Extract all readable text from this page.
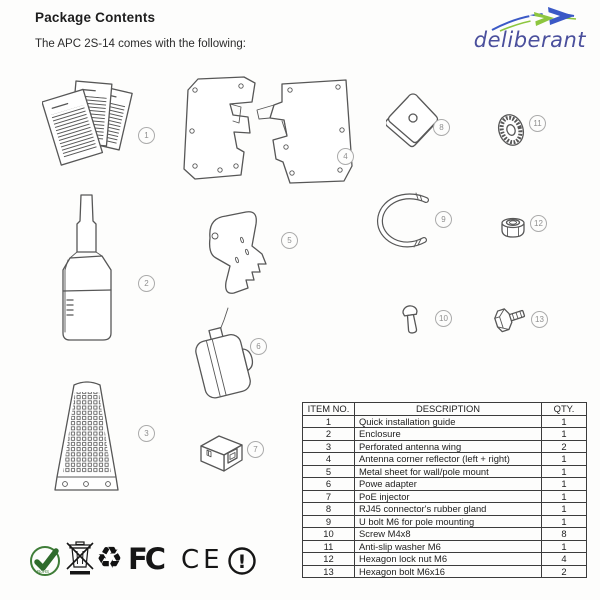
Package Contents
The APC 2S-14 comes with the following:	deliberant
1
2
3
4
5
6
7
8
9
10
11
12
13
ITEM NO.	DESCRIPTION	QTY.
1	Quick installation guide	1
2	Enclosure	1
3	Perforated antenna wing	2
4	Antenna corner reflector (left + right)	1
5	Metal sheet for wall/pole mount	1
6	Powe adapter	1
7	PoE injector	1
8	RJ45 connector's rubber gland	1
9	U bolt M6 for pole mounting	1
10	Screw M4x8	8
11	Anti-slip washer M6	1
12	Hexagon lock nut M6	4
13	Hexagon bolt M6x16	2
RoHS ♻ FC CE !
